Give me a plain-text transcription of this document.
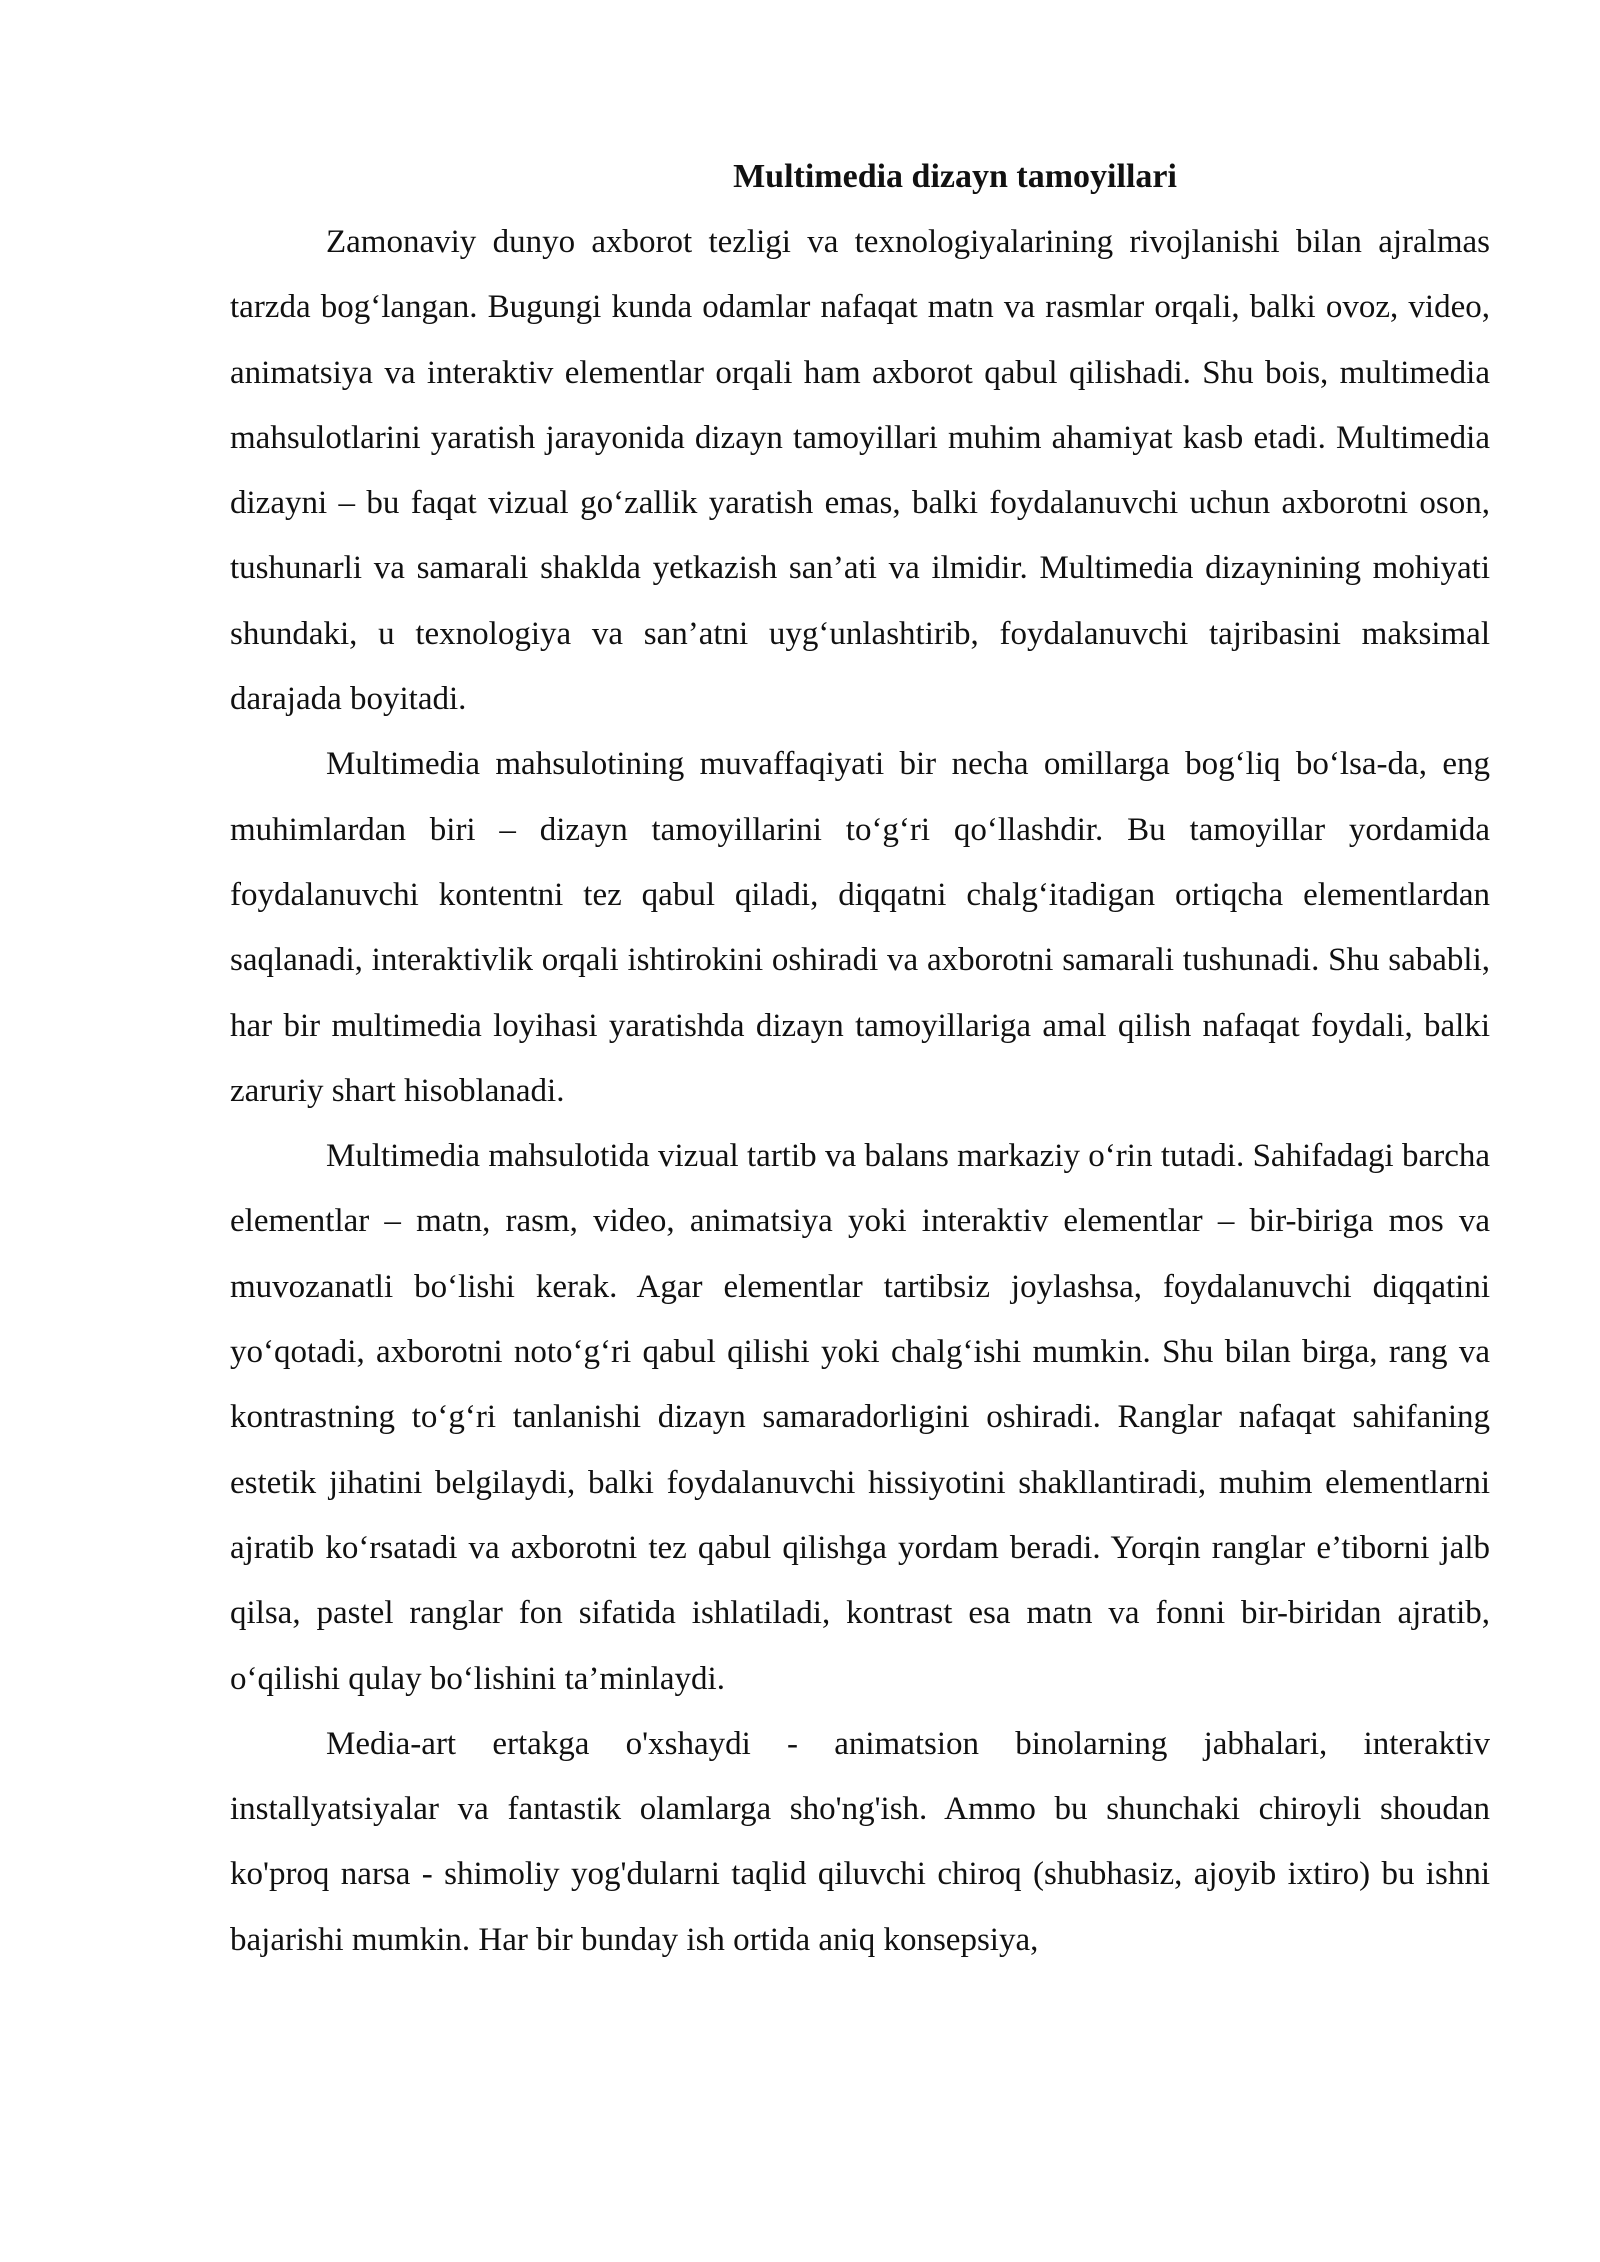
Multimedia dizayn tamoyillari

Zamonaviy dunyo axborot tezligi va texnologiyalarining rivojlanishi bilan ajralmas tarzda bog‘langan. Bugungi kunda odamlar nafaqat matn va rasmlar orqali, balki ovoz, video, animatsiya va interaktiv elementlar orqali ham axborot qabul qilishadi. Shu bois, multimedia mahsulotlarini yaratish jarayonida dizayn tamoyillari muhim ahamiyat kasb etadi. Multimedia dizayni – bu faqat vizual go‘zallik yaratish emas, balki foydalanuvchi uchun axborotni oson, tushunarli va samarali shaklda yetkazish san’ati va ilmidir. Multimedia dizaynining mohiyati shundaki, u texnologiya va san’atni uyg‘unlashtirib, foydalanuvchi tajribasini maksimal darajada boyitadi.

Multimedia mahsulotining muvaffaqiyati bir necha omillarga bog‘liq bo‘lsa-da, eng muhimlardan biri – dizayn tamoyillarini to‘g‘ri qo‘llashdir. Bu tamoyillar yordamida foydalanuvchi kontentni tez qabul qiladi, diqqatni chalg‘itadigan ortiqcha elementlardan saqlanadi, interaktivlik orqali ishtirokini oshiradi va axborotni samarali tushunadi. Shu sababli, har bir multimedia loyihasi yaratishda dizayn tamoyillariga amal qilish nafaqat foydali, balki zaruriy shart hisoblanadi.

Multimedia mahsulotida vizual tartib va balans markaziy o‘rin tutadi. Sahifadagi barcha elementlar – matn, rasm, video, animatsiya yoki interaktiv elementlar – bir-biriga mos va muvozanatli bo‘lishi kerak. Agar elementlar tartibsiz joylashsa, foydalanuvchi diqqatini yo‘qotadi, axborotni noto‘g‘ri qabul qilishi yoki chalg‘ishi mumkin. Shu bilan birga, rang va kontrastning to‘g‘ri tanlanishi dizayn samaradorligini oshiradi. Ranglar nafaqat sahifaning estetik jihatini belgilaydi, balki foydalanuvchi hissiyotini shakllantiradi, muhim elementlarni ajratib ko‘rsatadi va axborotni tez qabul qilishga yordam beradi. Yorqin ranglar e’tiborni jalb qilsa, pastel ranglar fon sifatida ishlatiladi, kontrast esa matn va fonni bir-biridan ajratib, o‘qilishi qulay bo‘lishini ta’minlaydi.

Media-art ertakga o'xshaydi - animatsion binolarning jabhalari, interaktiv installyatsiyalar va fantastik olamlarga sho'ng'ish. Ammo bu shunchaki chiroyli shoudan ko'proq narsa - shimoliy yog'dularni taqlid qiluvchi chiroq (shubhasiz, ajoyib ixtiro) bu ishni bajarishi mumkin. Har bir bunday ish ortida aniq konsepsiya,
